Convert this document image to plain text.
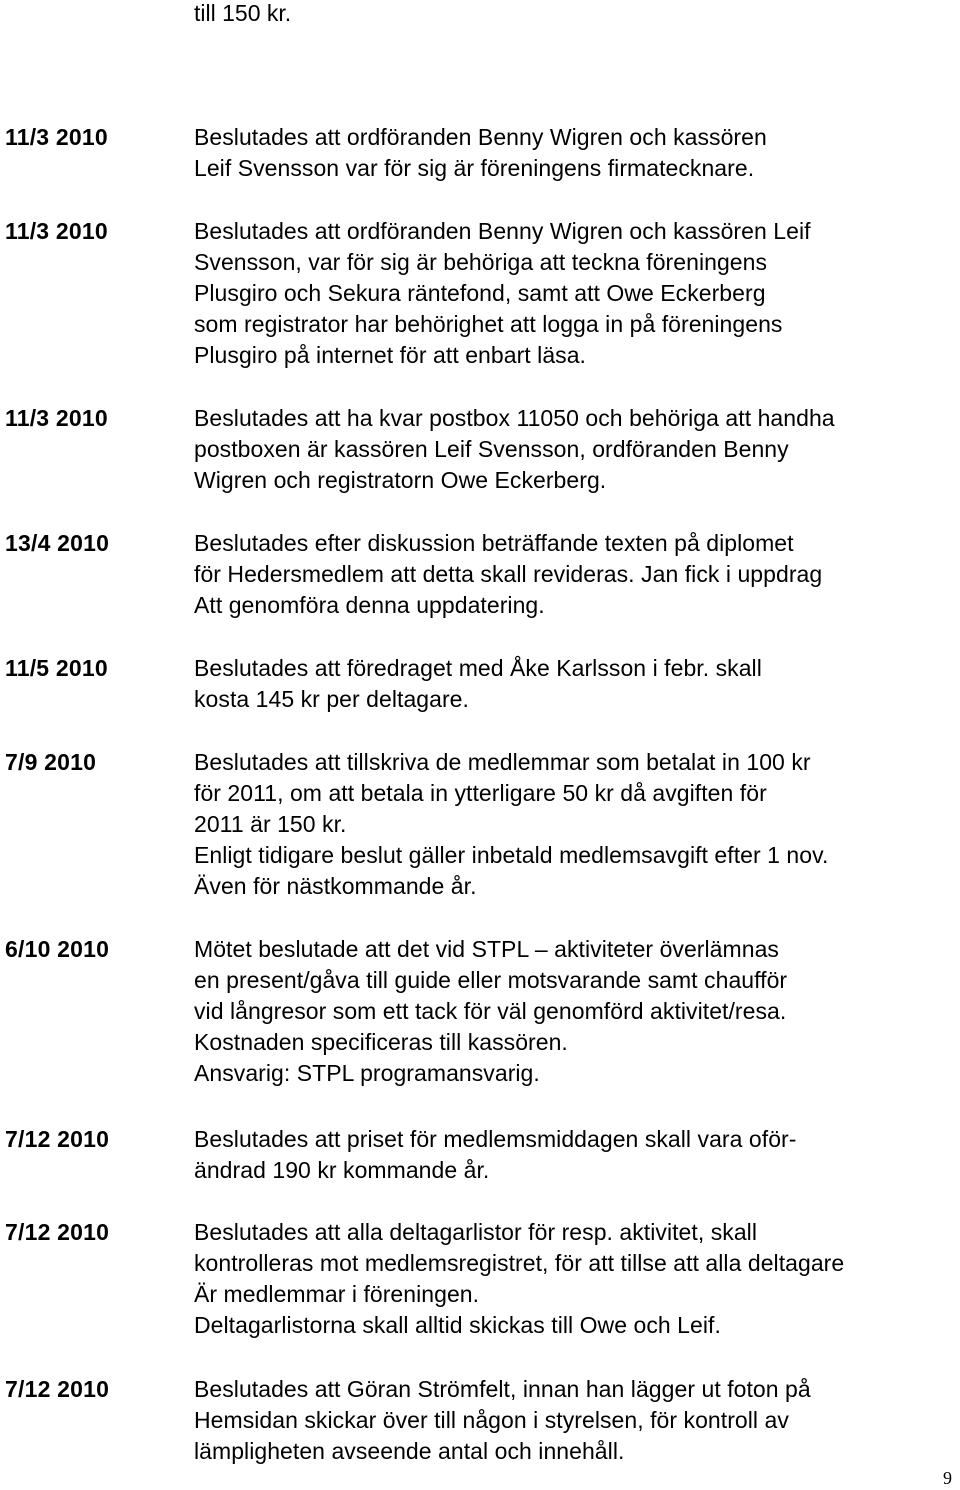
till 150 kr.
11/3 2010	Beslutades att ordföranden Benny Wigren och kassören
Leif Svensson var för sig är föreningens firmatecknare.
11/3 2010	Beslutades att ordföranden Benny Wigren och kassören Leif
Svensson, var för sig är behöriga att teckna föreningens
Plusgiro och Sekura räntefond, samt att Owe Eckerberg
som registrator har behörighet att logga in på föreningens
Plusgiro på internet för att enbart läsa.
11/3 2010	Beslutades att ha kvar postbox 11050 och behöriga att handha
postboxen är kassören Leif Svensson, ordföranden Benny
Wigren och registratorn Owe Eckerberg.
13/4 2010	Beslutades efter diskussion beträffande texten på diplomet
för Hedersmedlem att detta skall revideras. Jan fick i uppdrag
Att genomföra denna uppdatering.
11/5 2010	Beslutades att föredraget med Åke Karlsson i febr. skall
kosta 145 kr per deltagare.
7/9 2010	Beslutades att tillskriva de medlemmar som betalat in 100 kr
för 2011, om att betala in ytterligare 50 kr då avgiften för
2011 är 150 kr.
Enligt tidigare beslut gäller inbetald medlemsavgift efter 1 nov.
Även för nästkommande år.
6/10 2010	Mötet beslutade att det vid STPL – aktiviteter överlämnas
en present/gåva till guide eller motsvarande samt chaufför
vid långresor som ett tack för väl genomförd aktivitet/resa.
Kostnaden specificeras till kassören.
Ansvarig: STPL programansvarig.
7/12 2010	Beslutades att priset för medlemsmiddagen skall vara oför-
ändrad 190 kr kommande år.
7/12 2010	Beslutades att alla deltagarlistor för resp. aktivitet, skall
kontrolleras mot medlemsregistret, för att tillse att alla deltagare
Är medlemmar i föreningen.
Deltagarlistorna skall alltid skickas till Owe och Leif.
7/12 2010	Beslutades att Göran Strömfelt, innan han lägger ut foton på
Hemsidan skickar över till någon i styrelsen, för kontroll av
lämpligheten avseende antal och innehåll.
9
